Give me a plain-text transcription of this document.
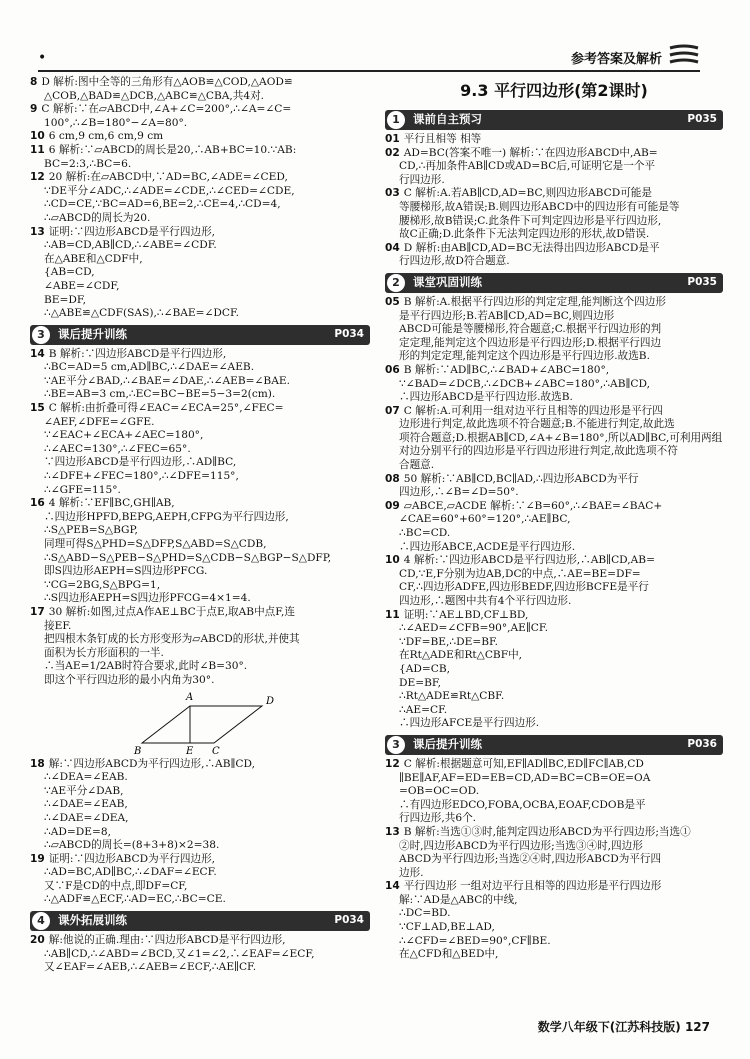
•	参考答案及解析

8 D 解析:图中全等的三角形有△AOB≌△COD,△AOD≌

△COB,△BAD≌△DCB,△ABC≌△CBA,共4对.

9 C 解析:∵在▱ABCD中,∠A+∠C=200°,∴∠A=∠C=

100°,∴∠B=180°−∠A=80°.

10 6 cm,9 cm,6 cm,9 cm

11 6 解析:∵▱ABCD的周长是20,∴AB+BC=10.∵AB:

BC=2:3,∴BC=6.

12 20 解析:在▱ABCD中,∵AD=BC,∠ADE=∠CED,

∵DE平分∠ADC,∴∠ADE=∠CDE,∴∠CED=∠CDE,

∴CD=CE,∵BC=AD=6,BE=2,∴CE=4,∴CD=4,

∴▱ABCD的周长为20.

13 证明:∵四边形ABCD是平行四边形,

∴AB=CD,AB∥CD,∴∠ABE=∠CDF.

在△ABE和△CDF中,

{AB=CD,

∠ABE=∠CDF,

BE=DF,

∴△ABE≌△CDF(SAS),∴∠BAE=∠DCF.

3	课后提升训练	P034

14 B 解析:∵四边形ABCD是平行四边形,

∴BC=AD=5 cm,AD∥BC,∴∠DAE=∠AEB.

∵AE平分∠BAD,∴∠BAE=∠DAE,∴∠AEB=∠BAE.

∴BE=AB=3 cm,∴EC=BC−BE=5−3=2(cm).

15 C 解析:由折叠可得∠EAC=∠ECA=25°,∠FEC=

∠AEF,∠DFE=∠GFE.

∵∠EAC+∠ECA+∠AEC=180°,

∴∠AEC=130°,∴∠FEC=65°.

∵四边形ABCD是平行四边形,∴AD∥BC,

∴∠DFE+∠FEC=180°,∴∠DFE=115°,

∴∠GFE=115°.

16 4 解析:∵EF∥BC,GH∥AB,

∴四边形HPFD,BEPG,AEPH,CFPG为平行四边形,

∴S△PEB=S△BGP,

同理可得S△PHD=S△DFP,S△ABD=S△CDB,

∴S△ABD−S△PEB−S△PHD=S△CDB−S△BGP−S△DFP,

即S四边形AEPH=S四边形PFCG.

∵CG=2BG,S△BPG=1,

∴S四边形AEPH=S四边形PFCG=4×1=4.

17 30 解析:如图,过点A作AE⊥BC于点E,取AB中点F,连

接EF.

把四根木条钉成的长方形变形为▱ABCD的形状,并使其

面积为长方形面积的一半.

∴当AE=1/2AB时符合要求,此时∠B=30°.

即这个平行四边形的最小内角为30°.

A	D
B	E C

18 解:∵四边形ABCD为平行四边形,∴AB∥CD,

∴∠DEA=∠EAB.

∵AE平分∠DAB,

∴∠DAE=∠EAB,

∴∠DAE=∠DEA,

∴AD=DE=8,

∴▱ABCD的周长=(8+3+8)×2=38.

19 证明:∵四边形ABCD为平行四边形,

∴AD=BC,AD∥BC,∴∠DAF=∠ECF.

又∵F是CD的中点,即DF=CF,

∴△ADF≌△ECF,∴AD=EC,∴BC=CE.

4	课外拓展训练	P034

20 解:他说的正确.理由:∵四边形ABCD是平行四边形,

∴AB∥CD,∴∠ABD=∠BCD,又∠1=∠2,∴∠EAF=∠ECF,

又∠EAF=∠AEB,∴∠AEB=∠ECF,∴AE∥CF.

9.3 平行四边形(第2课时)
1	课前自主预习	P035

01 平行且相等 相等

02 AD=BC(答案不唯一) 解析:∵在四边形ABCD中,AB=

CD,∴再加条件AB∥CD或AD=BC后,可证明它是一个平

行四边形.

03 C 解析:A.若AB∥CD,AD=BC,则四边形ABCD可能是

等腰梯形,故A错误;B.则四边形ABCD中的四边形有可能是等

腰梯形,故B错误;C.此条件下可判定四边形是平行四边形,

故C正确;D.此条件下无法判定四边形的形状,故D错误.

04 D 解析:由AB∥CD,AD=BC无法得出四边形ABCD是平

行四边形,故D符合题意.

2	课堂巩固训练	P035

05 B 解析:A.根据平行四边形的判定定理,能判断这个四边形

是平行四边形;B.若AB∥CD,AD=BC,则四边形

ABCD可能是等腰梯形,符合题意;C.根据平行四边形的判

定定理,能判定这个四边形是平行四边形;D.根据平行四边

形的判定定理,能判定这个四边形是平行四边形.故选B.

06 B 解析:∵AD∥BC,∴∠BAD+∠ABC=180°,

∵∠BAD=∠DCB,∴∠DCB+∠ABC=180°,∴AB∥CD,

∴四边形ABCD是平行四边形.故选B.

07 C 解析:A.可利用一组对边平行且相等的四边形是平行四

边形进行判定,故此选项不符合题意;B.不能进行判定,故此选

项符合题意;D.根据AB∥CD,∠A+∠B=180°,所以AD∥BC,可利用两组

对边分别平行的四边形是平行四边形进行判定,故此选项不符

合题意.

08 50 解析:∵AB∥CD,BC∥AD,∴四边形ABCD为平行

四边形,∴∠B=∠D=50°.

09 ▱ABCE,▱ACDE 解析:∵∠B=60°,∴∠BAE=∠BAC+

∠CAE=60°+60°=120°,∴AE∥BC,

∴BC=CD.

∴四边形ABCE,ACDE是平行四边形.

10 4 解析:∵四边形ABCD是平行四边形,∴AB∥CD,AB=

CD,∵E,F分别为边AB,DC的中点,∴AE=BE=DF=

CF,∴四边形ADFE,四边形BEDF,四边形BCFE是平行

四边形,∴题图中共有4个平行四边形.

11 证明:∵AE⊥BD,CF⊥BD,

∴∠AED=∠CFB=90°,AE∥CF.

∵DF=BE,∴DE=BF.

在Rt△ADE和Rt△CBF中,

{AD=CB,

DE=BF,

∴Rt△ADE≌Rt△CBF.

∴AE=CF.

∴四边形AFCE是平行四边形.

3	课后提升训练	P036

12 C 解析:根据题意可知,EF∥AD∥BC,ED∥FC∥AB,CD

∥BE∥AF,AF=ED=EB=CD,AD=BC=CB=OE=OA

=OB=OC=OD.

∴有四边形EDCO,FOBA,OCBA,EOAF,CDOB是平

行四边形,共6个.

13 B 解析:当选①③时,能判定四边形ABCD为平行四边形;当选①

②时,四边形ABCD为平行四边形;当选③④时,四边形

ABCD为平行四边形;当选②④时,四边形ABCD为平行四

边形.

14 平行四边形 一组对边平行且相等的四边形是平行四边形

解:∵AD是△ABC的中线,

∴DC=BD.

∵CF⊥AD,BE⊥AD,

∴∠CFD=∠BED=90°,CF∥BE.

在△CFD和△BED中,

数学八年级下(江苏科技版) 127
